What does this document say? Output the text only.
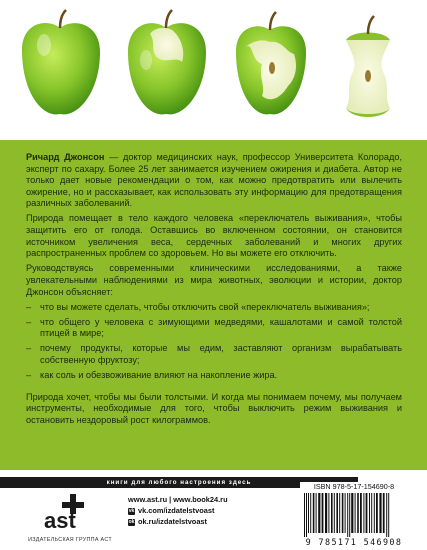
Ричард Джонсон — доктор медицинских наук, профессор Университета Колорадо, эксперт по сахару. Более 25 лет занимается изучением ожирения и диабета. Автор не только дает новые рекомендации о том, как можно предотвратить или вылечить ожирение, но и рассказывает, как использовать эту информацию для предотвращения различных заболеваний.

Природа помещает в тело каждого человека «переключатель выживания», чтобы защитить его от голода. Оставшись во включенном состоянии, он становится источником увеличения веса, сердечных заболеваний и многих других распространенных проблем со здоровьем. Но вы можете его отключить.

Руководствуясь современными клиническими исследованиями, а также увлекательными наблюдениями из мира животных, эволюции и истории, доктор Джонсон объясняет:

– что вы можете сделать, чтобы отключить свой «переключатель выживания»;

– что общего у человека с зимующими медведями, кашалотами и самой толстой птицей в мире;

– почему продукты, которые мы едим, заставляют организм вырабатывать собственную фруктозу;

– как соль и обезвоживание влияют на накопление жира.

Природа хочет, чтобы мы были толстыми. И когда мы понимаем почему, мы получаем инструменты, необходимые для того, чтобы выключить режим выживания и остановить нездоровый рост килограммов.

книги для любого настроения здесь
ast
ИЗДАТЕЛЬСКАЯ ГРУППА АСТ
www.ast.ru | www.book24.ru
vk vk.com/izdatelstvoast
ok ok.ru/izdatelstvoast
ISBN 978-5-17-154690-8
9 785171 546908
